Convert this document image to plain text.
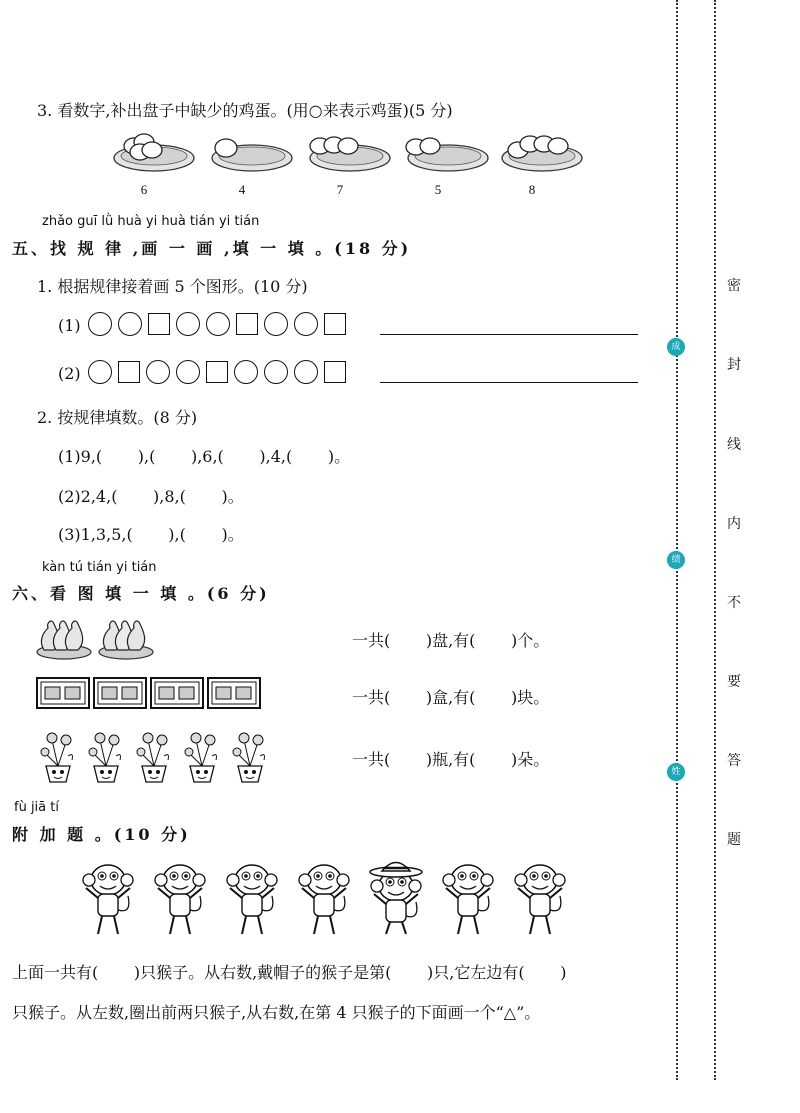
3. 看数字,补出盘子中缺少的鸡蛋。(用○来表示鸡蛋)(5 分)
6	4	7	5	8
zhǎo guī lǜ huà yi huà tián yi tián
五、找 规 律 ,画 一 画 ,填 一 填 。(18 分)
1. 根据规律接着画 5 个图形。(10 分)
(1)
(2)
2. 按规律填数。(8 分)
(1)9,(       ),(       ),6,(       ),4,(       )。
(2)2,4,(       ),8,(       )。
(3)1,3,5,(       ),(       )。
kàn tú tián yi tián
六、看 图 填 一 填 。(6 分)
一共(       )盘,有(       )个。
一共(       )盒,有(       )块。
一共(       )瓶,有(       )朵。
fù jiā tí
附 加 题 。(10 分)
上面一共有(       )只猴子。从右数,戴帽子的猴子是第(       )只,它左边有(       )
只猴子。从左数,圈出前两只猴子,从右数,在第 4 只猴子的下面画一个“△”。
成
绩
姓
密
封
线
内
不
要
答
题
